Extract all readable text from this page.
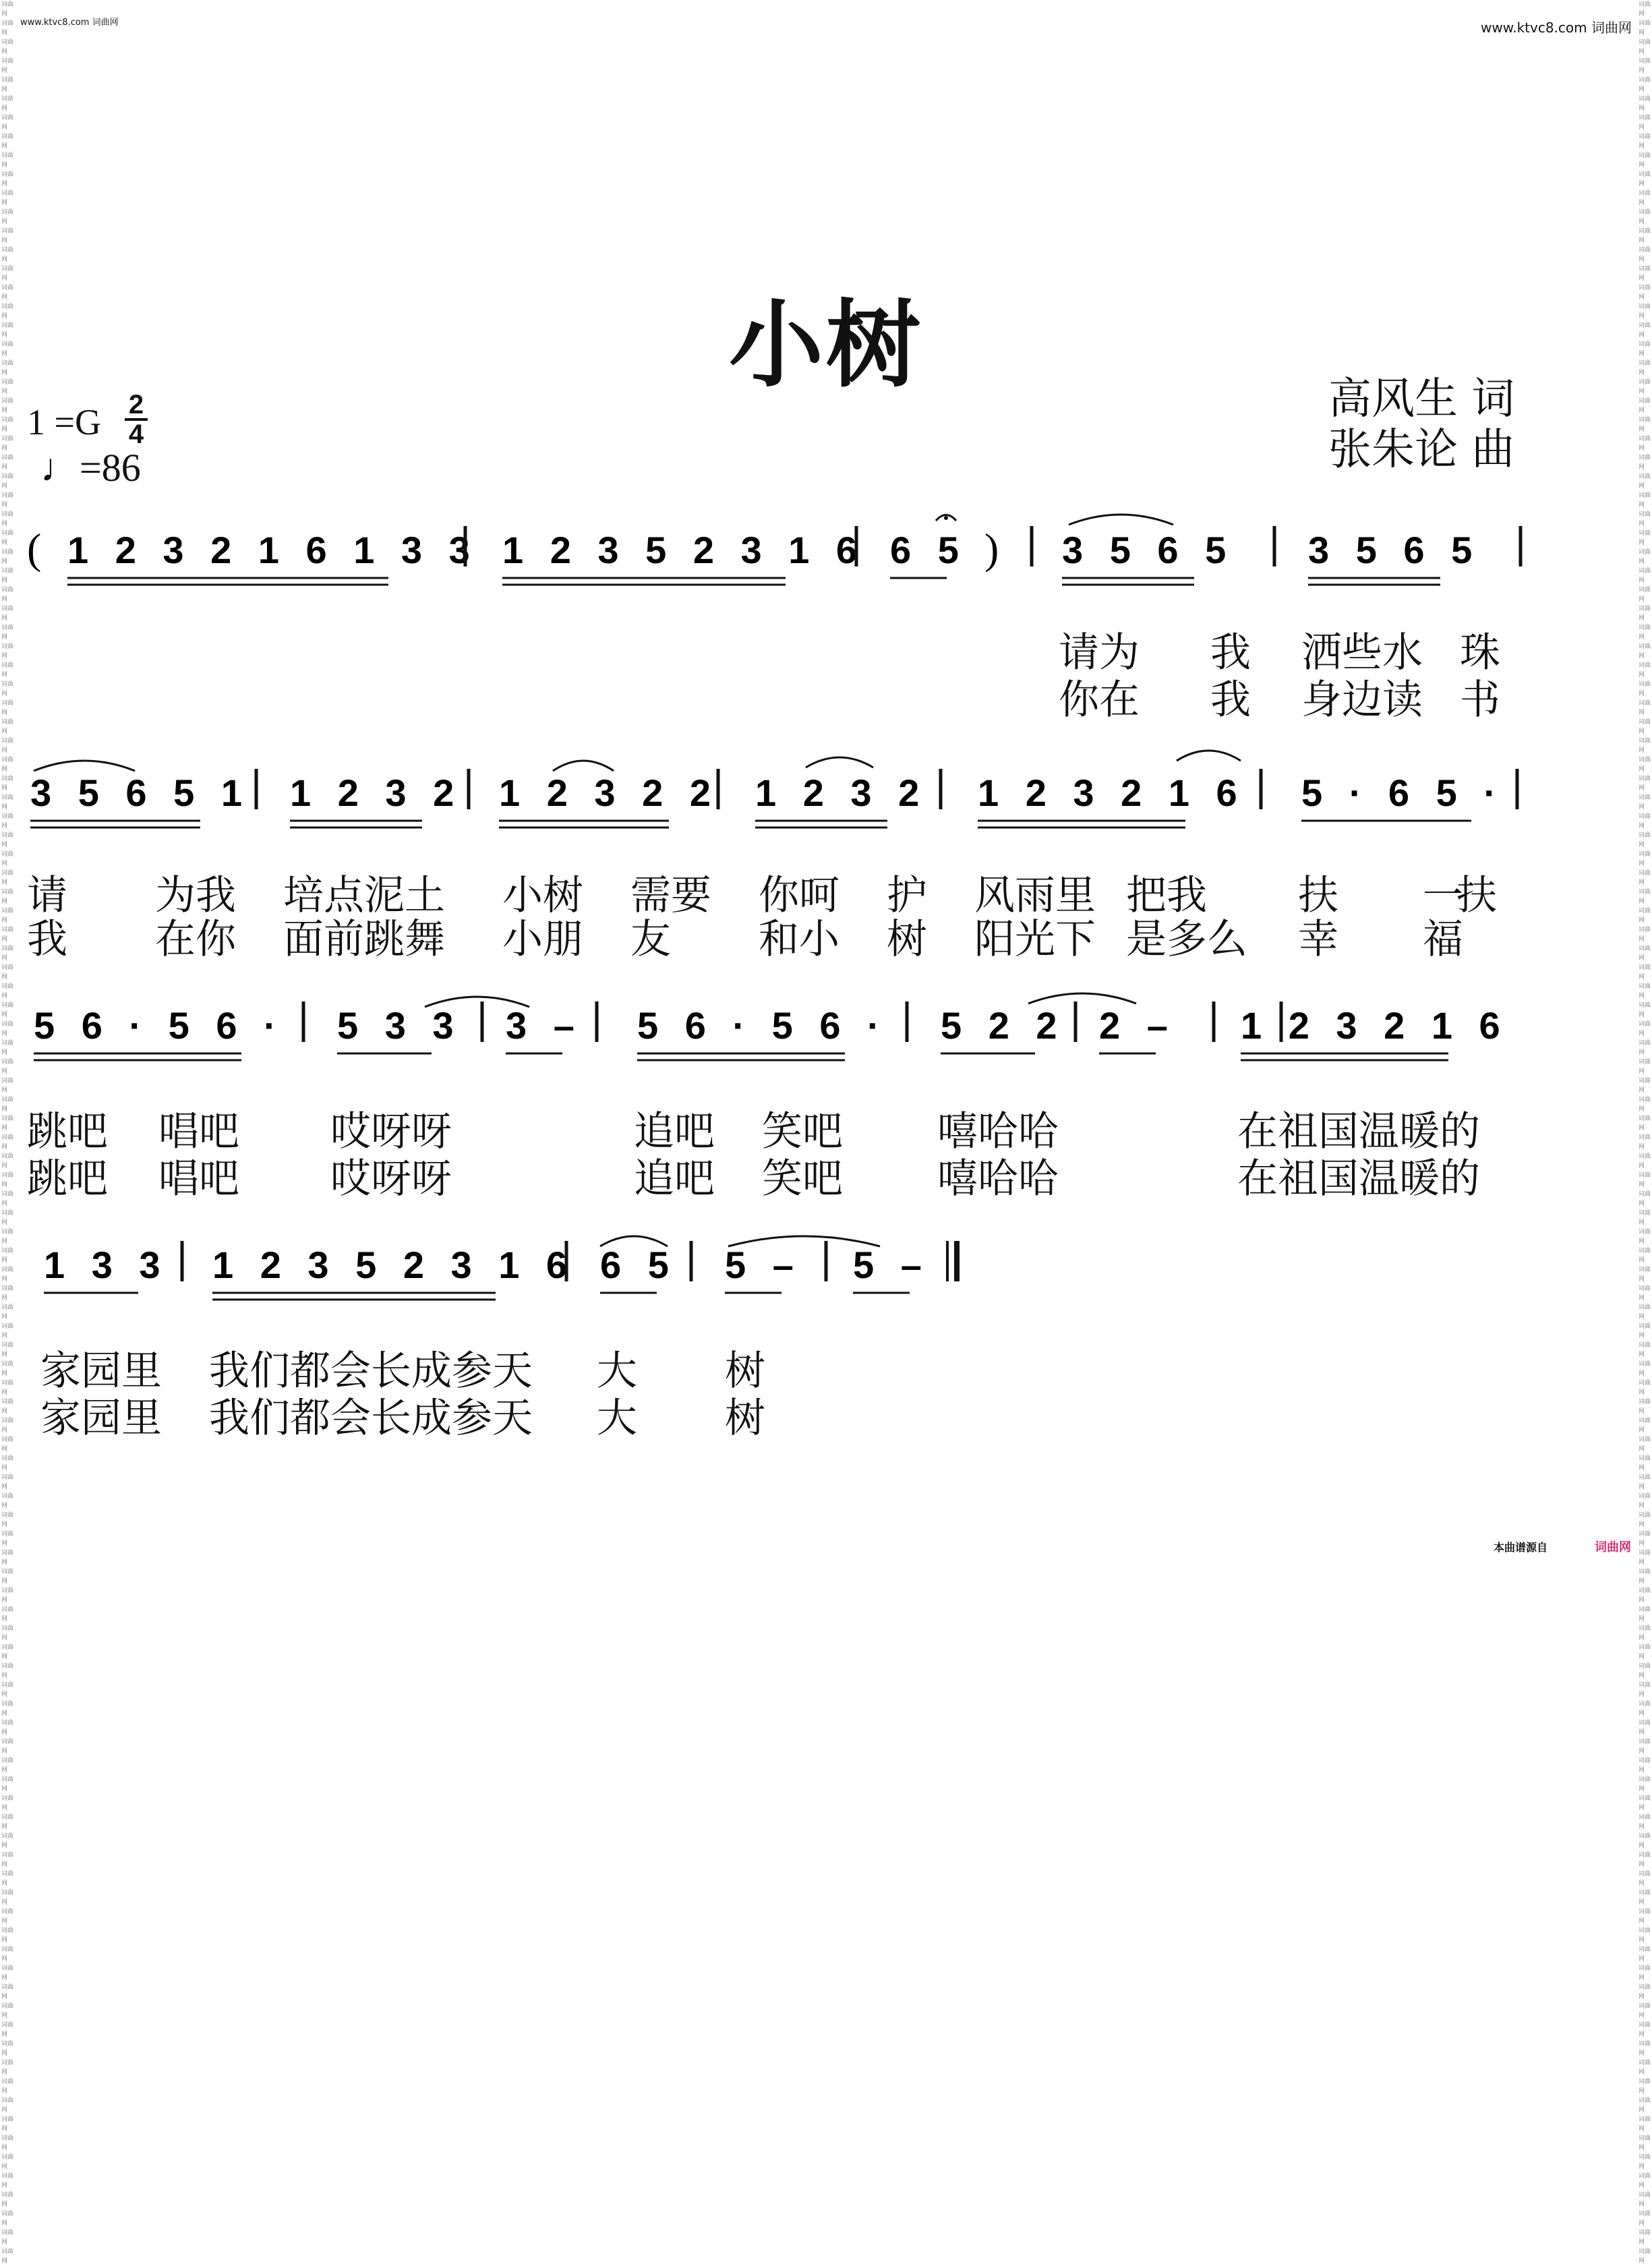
www.ktvc8.com 词曲网	www.ktvc8.com 词曲网
词曲网 词曲网 词曲网 词曲网 词曲网 词曲网 词曲网 词曲网 词曲网 词曲网 词曲网 词曲网 词曲网 词曲网 词曲网 词曲网 词曲网 词曲网 词曲网 词曲网 词曲网 词曲网 词曲网 词曲网 词曲网 词曲网 词曲网 词曲网 词曲网 词曲网 词曲网 词曲网 词曲网 词曲网 词曲网 词曲网 词曲网 词曲网 词曲网 词曲网 词曲网 词曲网 词曲网 词曲网 词曲网 词曲网 词曲网 词曲网 词曲网 词曲网 词曲网 词曲网 词曲网 词曲网 词曲网 词曲网 词曲网 词曲网 词曲网 词曲网 词曲网 词曲网 词曲网 词曲网 词曲网 词曲网 词曲网 词曲网 词曲网 词曲网 词曲网 词曲网 词曲网 词曲网 词曲网 词曲网 词曲网 词曲网 词曲网 词曲网 词曲网 词曲网 词曲网 词曲网 词曲网 词曲网 词曲网 词曲网 词曲网 词曲网 词曲网 词曲网 词曲网 词曲网 词曲网 词曲网 词曲网 词曲网 词曲网 词曲网 词曲网 词曲网 词曲网 词曲网 词曲网 词曲网 词曲网 词曲网 词曲网 词曲网 词曲网 词曲网 词曲网 词曲网 词曲网 词曲网 词曲网 词曲网 词曲网 词曲网
词曲网 词曲网 词曲网 词曲网 词曲网 词曲网 词曲网 词曲网 词曲网 词曲网 词曲网 词曲网 词曲网 词曲网 词曲网 词曲网 词曲网 词曲网 词曲网 词曲网 词曲网 词曲网 词曲网 词曲网 词曲网 词曲网 词曲网 词曲网 词曲网 词曲网 词曲网 词曲网 词曲网 词曲网 词曲网 词曲网 词曲网 词曲网 词曲网 词曲网 词曲网 词曲网 词曲网 词曲网 词曲网 词曲网 词曲网 词曲网 词曲网 词曲网 词曲网 词曲网 词曲网 词曲网 词曲网 词曲网 词曲网 词曲网 词曲网 词曲网 词曲网 词曲网 词曲网 词曲网 词曲网 词曲网 词曲网 词曲网 词曲网 词曲网 词曲网 词曲网 词曲网 词曲网 词曲网 词曲网 词曲网 词曲网 词曲网 词曲网 词曲网 词曲网 词曲网 词曲网 词曲网 词曲网 词曲网 词曲网 词曲网 词曲网 词曲网 词曲网 词曲网 词曲网 词曲网 词曲网 词曲网 词曲网 词曲网 词曲网 词曲网 词曲网 词曲网 词曲网 词曲网 词曲网 词曲网 词曲网 词曲网 词曲网 词曲网 词曲网 词曲网 词曲网 词曲网 词曲网 词曲网 词曲网 词曲网 词曲网
小树	高风生 词
张朱论 曲
1 =G 2
4
♩=86
( 1 2 3 2 1 6 1 3 3 1 2 3 5 2 3 1 6 6 5 ) 3 5 6 5 3 5 6 5
3 5 6 5 1 1 2 3 2 1 2 3 2 2 1 2 3 2 1 2 3 2 1 6 5 · 6 5 ·
5 6 · 5 6 · 5 3 3 3 – 5 6 · 5 6 · 5 2 2 2 – 1 2 3 2 1 6
1 3 3 1 2 3 5 2 3 1 6 6 5 5 – 5 –
请为 我 洒些水 珠
你在 我 身边读 书
请 为我 培点泥土 小树 需要 你呵 护 风雨里 把我 扶 一
扶
我 在你 面前跳舞 小朋 友 和小 树 阳光下 是多么 幸 福
跳吧 唱吧 哎呀呀	追吧 笑吧 嘻哈哈	在祖国温暖的
跳吧 唱吧 哎呀呀	追吧 笑吧 嘻哈哈	在祖国温暖的
家园里 我们都会长成参天 大 树
家园里 我们都会长成参天 大 树
本曲谱源自	词曲网
